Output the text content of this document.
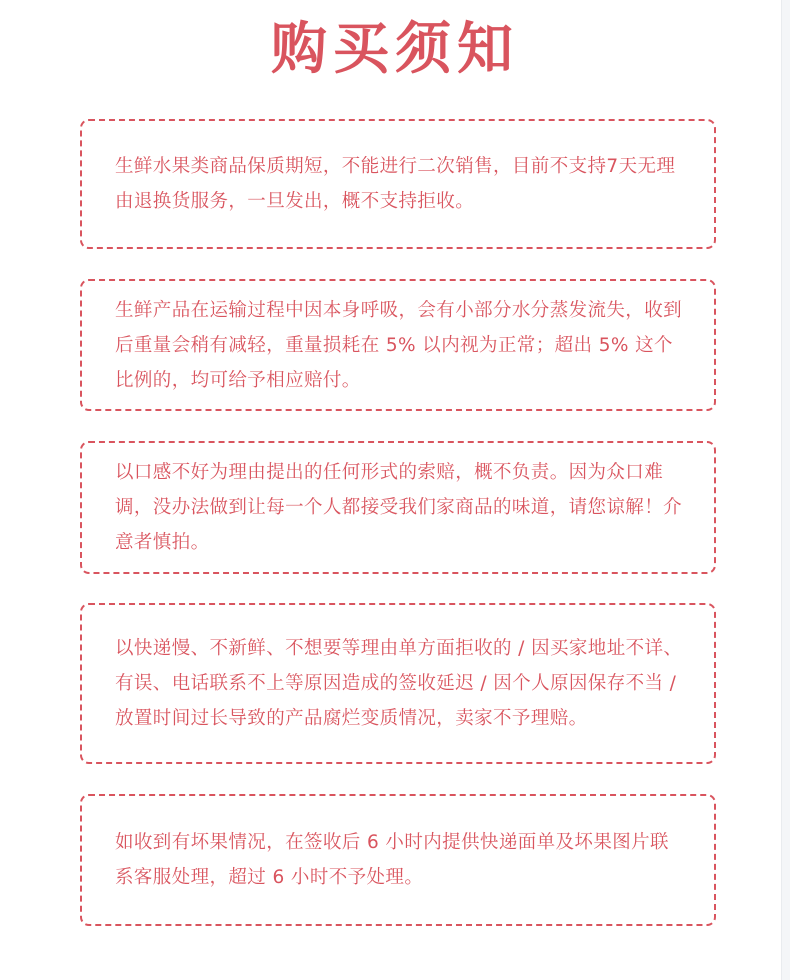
购买须知

生鲜水果类商品保质期短，不能进行二次销售，目前不支持7天无理由退换货服务，一旦发出，概不支持拒收。

生鲜产品在运输过程中因本身呼吸，会有小部分水分蒸发流失，收到后重量会稍有减轻，重量损耗在 5% 以内视为正常；超出 5% 这个比例的，均可给予相应赔付。

以口感不好为理由提出的任何形式的索赔，概不负责。因为众口难调，没办法做到让每一个人都接受我们家商品的味道，请您谅解！介意者慎拍。

以快递慢、不新鲜、不想要等理由单方面拒收的 / 因买家地址不详、有误、电话联系不上等原因造成的签收延迟 / 因个人原因保存不当 / 放置时间过长导致的产品腐烂变质情况，卖家不予理赔。

如收到有坏果情况，在签收后 6 小时内提供快递面单及坏果图片联系客服处理，超过 6 小时不予处理。
